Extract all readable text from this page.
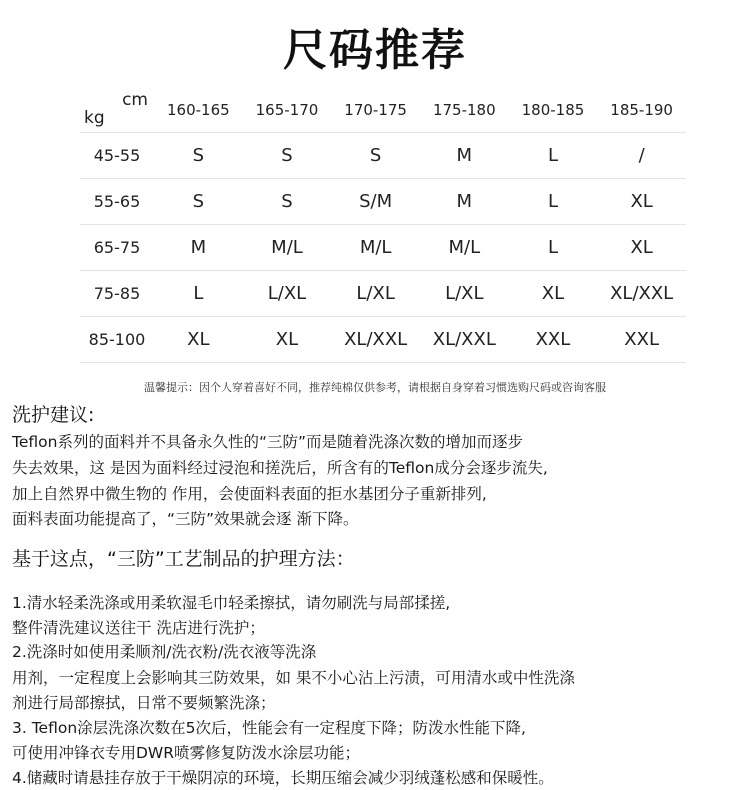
尺码推荐
cm
kg	160-165	165-170	170-175	175-180	180-185	185-190
45-55	S	S	S	M	L	/
55-65	S	S	S/M	M	L	XL
65-75	M	M/L	M/L	M/L	L	XL
75-85	L	L/XL	L/XL	L/XL	XL	XL/XXL
85-100	XL	XL	XL/XXL	XL/XXL	XXL	XXL
温馨提示：因个人穿着喜好不同，推荐纯棉仅供参考，请根据自身穿着习惯选购尺码或咨询客服
洗护建议:
Teflon系列的面料并不具备永久性的“三防”而是随着洗涤次数的增加而逐步
失去效果，这 是因为面料经过浸泡和搓洗后，所含有的Teflon成分会逐步流失,
加上自然界中微生物的 作用，会使面料表面的拒水基团分子重新排列,
面料表面功能提高了，“三防”效果就会逐 渐下降。
基于这点，“三防”工艺制品的护理方法：
1.清水轻柔洗涤或用柔软湿毛巾轻柔擦拭，请勿刷洗与局部揉搓,
整件清洗建议送往干 洗店进行洗护；
2.洗涤时如使用柔顺剂/洗衣粉/洗衣液等洗涤
用剂，一定程度上会影响其三防效果，如 果不小心沾上污渍，可用清水或中性洗涤
剂进行局部擦拭，日常不要频繁洗涤；
3. Teflon涂层洗涤次数在5次后，性能会有一定程度下降；防泼水性能下降,
可使用冲锋衣专用DWR喷雾修复防泼水涂层功能；
4.储藏时请悬挂存放于干燥阴凉的环境，长期压缩会减少羽绒蓬松感和保暖性。
